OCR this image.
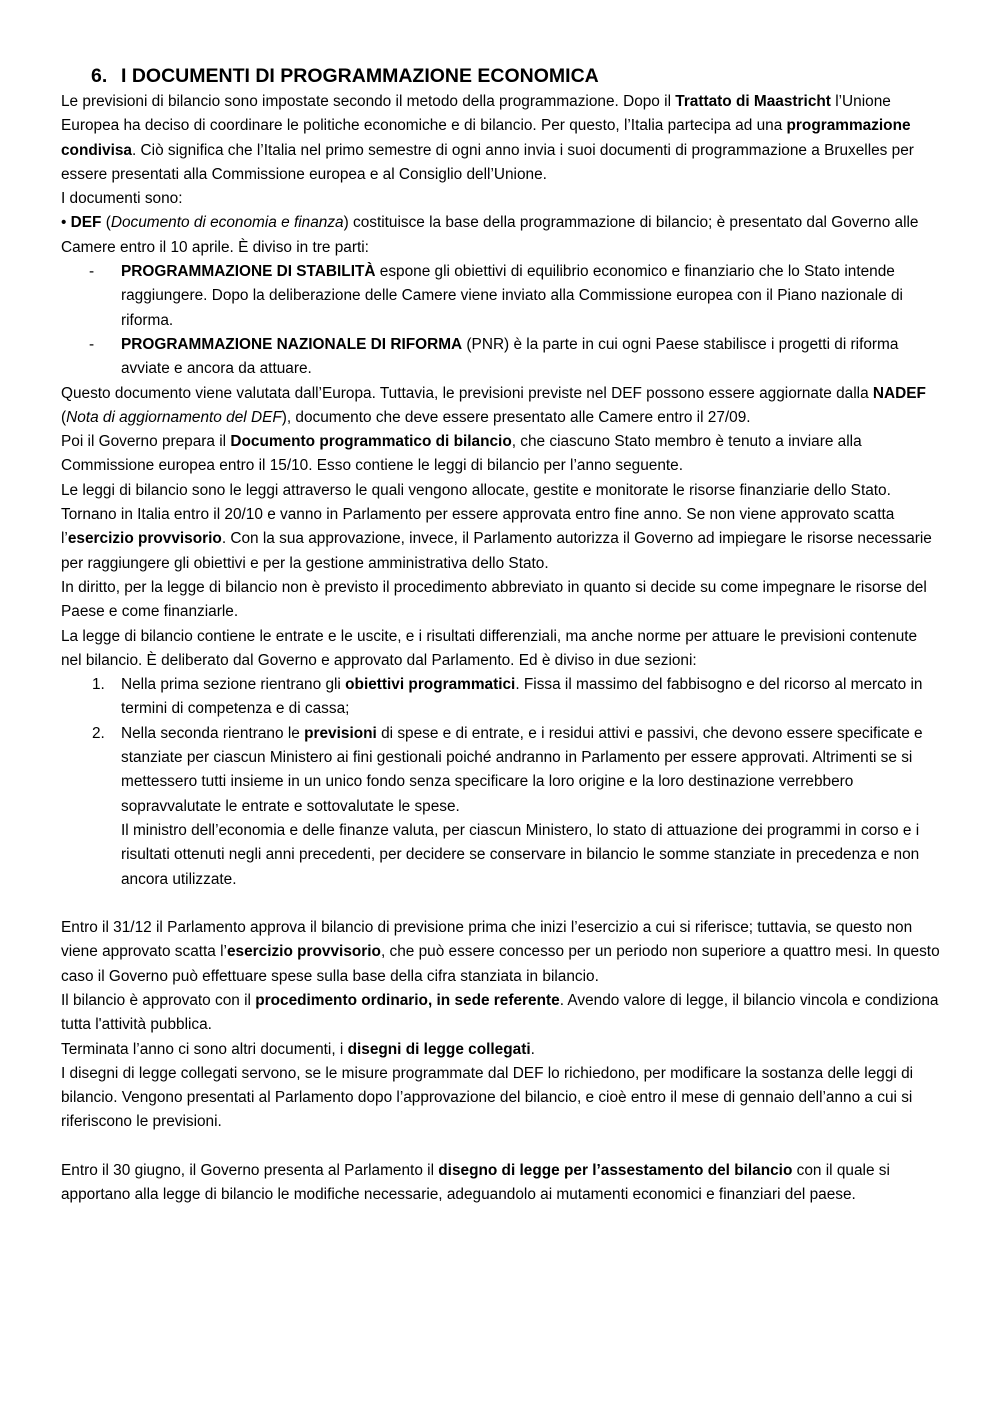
6. I DOCUMENTI DI PROGRAMMAZIONE ECONOMICA

Le previsioni di bilancio sono impostate secondo il metodo della programmazione. Dopo il Trattato di Maastricht l’Unione Europea ha deciso di coordinare le politiche economiche e di bilancio. Per questo, l’Italia partecipa ad una programmazione condivisa. Ciò significa che l’Italia nel primo semestre di ogni anno invia i suoi documenti di programmazione a Bruxelles per essere presentati alla Commissione europea e al Consiglio dell’Unione.

I documenti sono:

• DEF (Documento di economia e finanza) costituisce la base della programmazione di bilancio; è presentato dal Governo alle Camere entro il 10 aprile. È diviso in tre parti:

- PROGRAMMAZIONE DI STABILITÀ espone gli obiettivi di equilibrio economico e finanziario che lo Stato intende raggiungere. Dopo la deliberazione delle Camere viene inviato alla Commissione europea con il Piano nazionale di riforma.
- PROGRAMMAZIONE NAZIONALE DI RIFORMA (PNR) è la parte in cui ogni Paese stabilisce i progetti di riforma avviate e ancora da attuare.

Questo documento viene valutata dall’Europa. Tuttavia, le previsioni previste nel DEF possono essere aggiornate dalla NADEF (Nota di aggiornamento del DEF), documento che deve essere presentato alle Camere entro il 27/09.

Poi il Governo prepara il Documento programmatico di bilancio, che ciascuno Stato membro è tenuto a inviare alla Commissione europea entro il 15/10. Esso contiene le leggi di bilancio per l’anno seguente.

Le leggi di bilancio sono le leggi attraverso le quali vengono allocate, gestite e monitorate le risorse finanziarie dello Stato. Tornano in Italia entro il 20/10 e vanno in Parlamento per essere approvata entro fine anno. Se non viene approvato scatta l’esercizio provvisorio. Con la sua approvazione, invece, il Parlamento autorizza il Governo ad impiegare le risorse necessarie per raggiungere gli obiettivi e per la gestione amministrativa dello Stato.

In diritto, per la legge di bilancio non è previsto il procedimento abbreviato in quanto si decide su come impegnare le risorse del Paese e come finanziarle.

La legge di bilancio contiene le entrate e le uscite, e i risultati differenziali, ma anche norme per attuare le previsioni contenute nel bilancio. È deliberato dal Governo e approvato dal Parlamento. Ed è diviso in due sezioni:

1. Nella prima sezione rientrano gli obiettivi programmatici. Fissa il massimo del fabbisogno e del ricorso al mercato in termini di competenza e di cassa;
2. Nella seconda rientrano le previsioni di spese e di entrate, e i residui attivi e passivi, che devono essere specificate e stanziate per ciascun Ministero ai fini gestionali poiché andranno in Parlamento per essere approvati. Altrimenti se si mettessero tutti insieme in un unico fondo senza specificare la loro origine e la loro destinazione verrebbero sopravvalutate le entrate e sottovalutate le spese.
Il ministro dell’economia e delle finanze valuta, per ciascun Ministero, lo stato di attuazione dei programmi in corso e i risultati ottenuti negli anni precedenti, per decidere se conservare in bilancio le somme stanziate in precedenza e non ancora utilizzate.

Entro il 31/12 il Parlamento approva il bilancio di previsione prima che inizi l’esercizio a cui si riferisce; tuttavia, se questo non viene approvato scatta l’esercizio provvisorio, che può essere concesso per un periodo non superiore a quattro mesi. In questo caso il Governo può effettuare spese sulla base della cifra stanziata in bilancio.

Il bilancio è approvato con il procedimento ordinario, in sede referente. Avendo valore di legge, il bilancio vincola e condiziona tutta l'attività pubblica.

Terminata l’anno ci sono altri documenti, i disegni di legge collegati.

I disegni di legge collegati servono, se le misure programmate dal DEF lo richiedono, per modificare la sostanza delle leggi di bilancio. Vengono presentati al Parlamento dopo l’approvazione del bilancio, e cioè entro il mese di gennaio dell’anno a cui si riferiscono le previsioni.

Entro il 30 giugno, il Governo presenta al Parlamento il disegno di legge per l’assestamento del bilancio con il quale si apportano alla legge di bilancio le modifiche necessarie, adeguandolo ai mutamenti economici e finanziari del paese.
